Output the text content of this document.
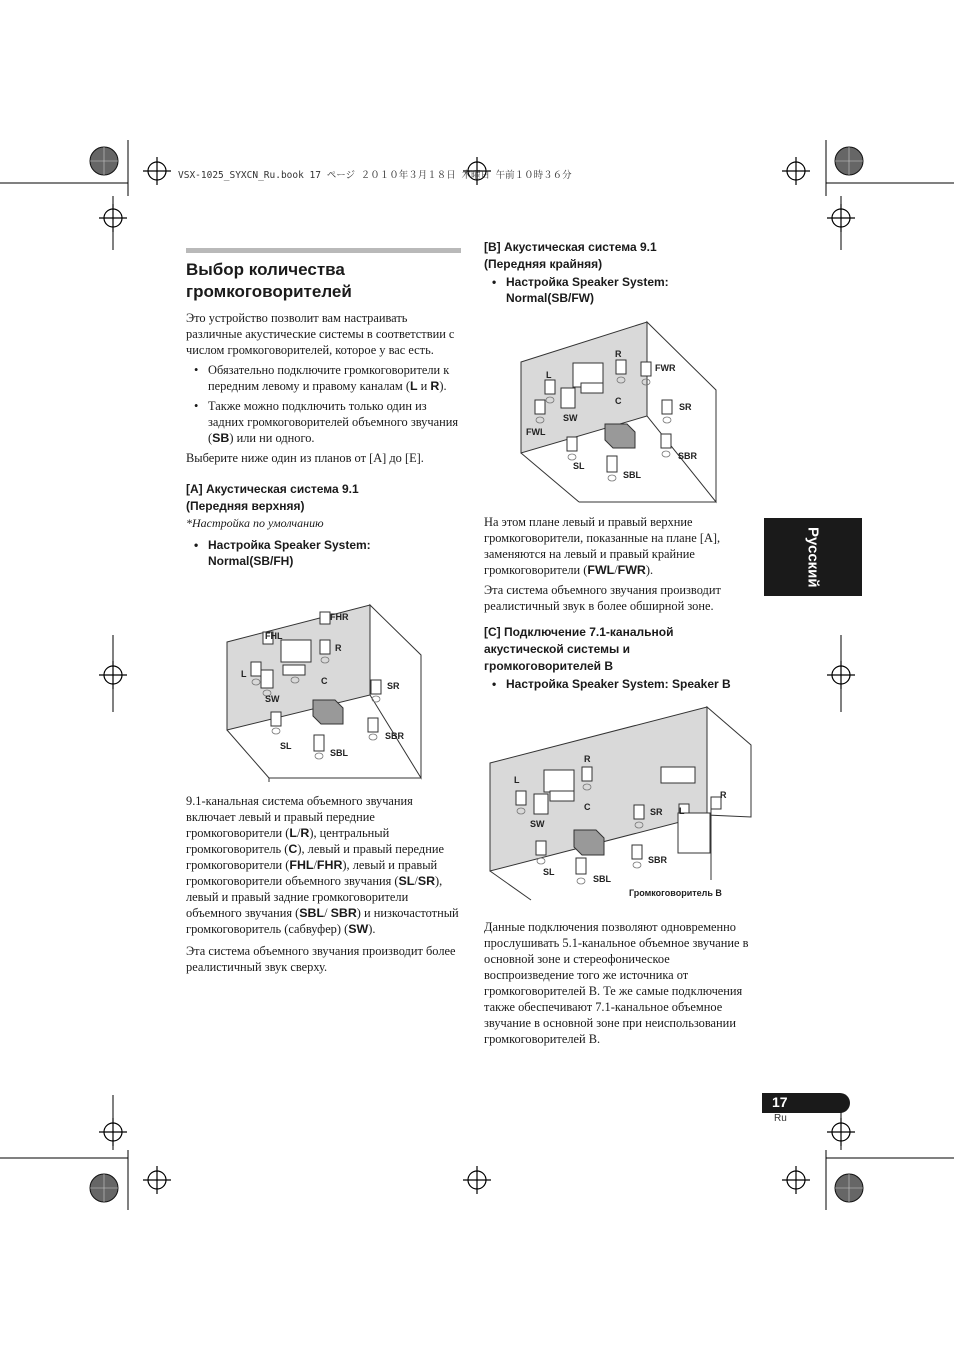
VSX-1025_SYXCN_Ru.book 17 ページ ２０１０年３月１８日 木曜日 午前１０時３６分
Выбор количества
громкоговорителей

Это устройство позволит вам настраивать различные акустические системы в соответствии с числом громкоговорителей, которое у вас есть.

• Обязательно подключите громкоговорители к передним левому и правому каналам (L и R).

• Также можно подключить только один из задних громкоговорителей объемного звучания (SB) или ни одного.

Выберите ниже один из планов от [A] до [E].

[A] Акустическая система 9.1
(Передняя верхняя)

*Настройка по умолчанию

• Настройка Speaker System:
Normal(SB/FH)

FHL
FHR
L
R
C
SW
SR
SL
SBL
SBR

9.1-канальная система объемного звучания включает левый и правый передние громкоговорители (L/R), центральный громкоговоритель (C), левый и правый передние громкоговорители (FHL/FHR), левый и правый громкоговорители объемного звучания (SL/SR), левый и правый задние громкоговорители объемного звучания (SBL/ SBR) и низкочастотный громкоговоритель (сабвуфер) (SW).

Эта система объемного звучания производит более реалистичный звук сверху.

[B] Акустическая система 9.1
(Передняя крайняя)

• Настройка Speaker System:
Normal(SB/FW)

L
R
C
FWR
FWL
SW
SR
SL
SBL
SBR

На этом плане левый и правый верхние громкоговорители, показанные на плане [A], заменяются на левый и правый крайние громкоговорители (FWL/FWR).

Эта система объемного звучания производит реалистичный звук в более обширной зоне.

[C] Подключение 7.1-канальной
акустической системы и
громкоговорителей B

• Настройка Speaker System: Speaker B

L
R
C
SW
SR
SL
SBL
SBR
L
R
Громкоговоритель B

Данные подключения позволяют одновременно прослушивать 5.1-канальное объемное звучание в основной зоне и стереофоническое воспроизведение того же источника от громкоговорителей B. Те же самые подключения также обеспечивают 7.1-канальное объемное звучание в основной зоне при неиспользовании громкоговорителей B.

Русский
17
Ru
